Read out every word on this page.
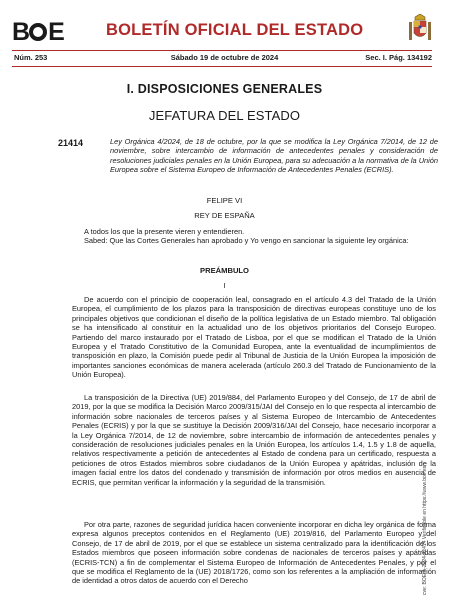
B E	BOLETÍN OFICIAL DEL ESTADO
Núm. 253	Sábado 19 de octubre de 2024	Sec. I. Pág. 134192
I. DISPOSICIONES GENERALES
JEFATURA DEL ESTADO
21414	Ley Orgánica 4/2024, de 18 de octubre, por la que se modifica la Ley Orgánica 7/2014, de 12 de noviembre, sobre intercambio de información de antecedentes penales y consideración de resoluciones judiciales penales en la Unión Europea, para su adecuación a la normativa de la Unión Europea sobre el Sistema Europeo de Información de Antecedentes Penales (ECRIS).
FELIPE VI
REY DE ESPAÑA

A todos los que la presente vieren y entendieren.

Sabed: Que las Cortes Generales han aprobado y Yo vengo en sancionar la siguiente ley orgánica:

PREÁMBULO
I

De acuerdo con el principio de cooperación leal, consagrado en el artículo 4.3 del Tratado de la Unión Europea, el cumplimiento de los plazos para la transposición de directivas europeas constituye uno de los principales objetivos que condicionan el diseño de la política legislativa de un Estado miembro. Tal obligación se ha intensificado al constituir en la actualidad uno de los objetivos prioritarios del Consejo Europeo. Partiendo del marco instaurado por el Tratado de Lisboa, por el que se modifican el Tratado de la Unión Europea y el Tratado Constitutivo de la Comunidad Europea, ante la eventualidad de incumplimientos de transposición en plazo, la Comisión puede pedir al Tribunal de Justicia de la Unión Europea la imposición de importantes sanciones económicas de manera acelerada (artículo 260.3 del Tratado de Funcionamiento de la Unión Europea).

La transposición de la Directiva (UE) 2019/884, del Parlamento Europeo y del Consejo, de 17 de abril de 2019, por la que se modifica la Decisión Marco 2009/315/JAI del Consejo en lo que respecta al intercambio de información sobre nacionales de terceros países y al Sistema Europeo de Intercambio de Antecedentes Penales (ECRIS) y por la que se sustituye la Decisión 2009/316/JAI del Consejo, hace necesario incorporar a la Ley Orgánica 7/2014, de 12 de noviembre, sobre intercambio de información de antecedentes penales y consideración de resoluciones judiciales penales en la Unión Europea, los artículos 1.4, 1.5 y 1.8 de aquella, relativos respectivamente a petición de antecedentes al Estado de condena para un certificado, respuesta a peticiones de otros Estados miembros sobre ciudadanos de la Unión Europea y apátridas, inclusión de la imagen facial entre los datos del condenado y transmisión de información por otros medios en ausencia de ECRIS, que permitan verificar la información y la seguridad de la transmisión.

Por otra parte, razones de seguridad jurídica hacen conveniente incorporar en dicha ley orgánica de forma expresa algunos preceptos contenidos en el Reglamento (UE) 2019/816, del Parlamento Europeo y del Consejo, de 17 de abril de 2019, por el que se establece un sistema centralizado para la identificación de los Estados miembros que poseen información sobre condenas de nacionales de terceros países y apátridas (ECRIS-TCN) a fin de complementar el Sistema Europeo de Información de Antecedentes Penales, y por el que se modifica el Reglamento de la (UE) 2018/1726, como son los referentes a la ampliación de información de identidad a otros datos de acuerdo con el Derecho	cve: BOE-A-2024-21414 Verificable en https://www.boe.es
